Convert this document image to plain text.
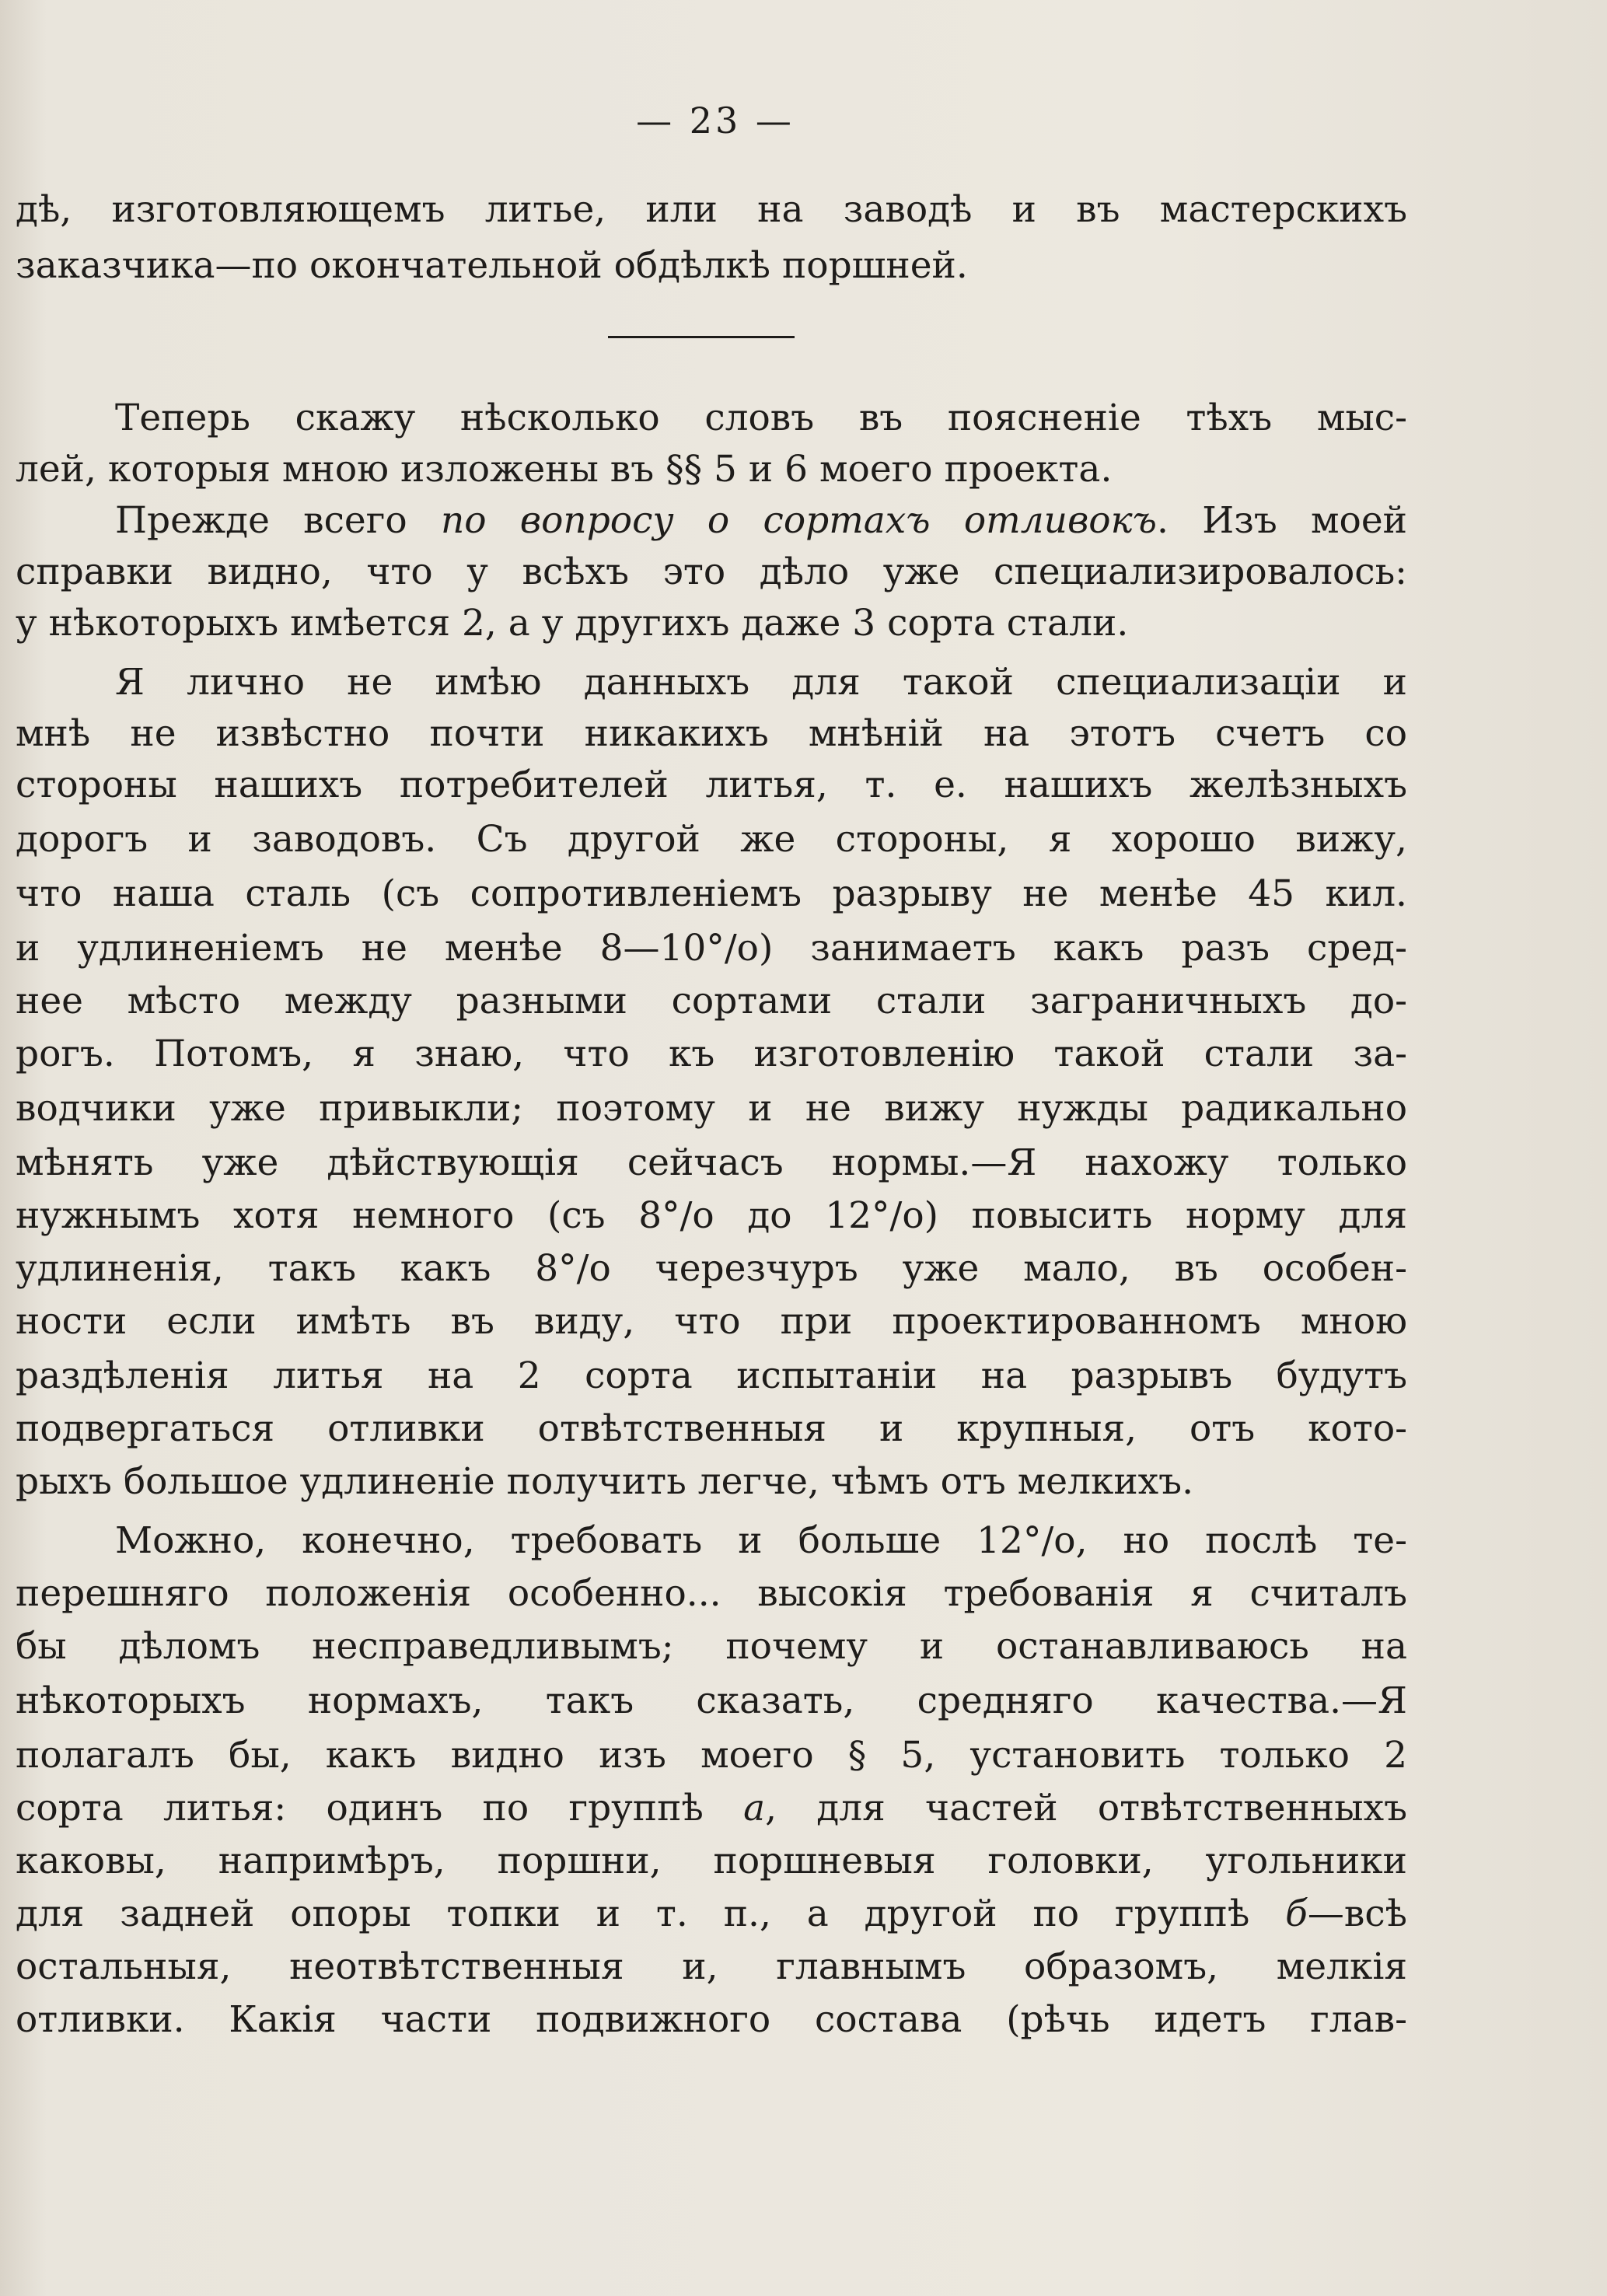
— 23 —
дѣ, изготовляющемъ литье, или на заводѣ и въ мастерскихъ
заказчика—по окончательной обдѣлкѣ поршней.
Теперь скажу нѣсколько словъ въ поясненіе тѣхъ мыс-
лей, которыя мною изложены въ §§ 5 и 6 моего проекта.
Прежде всего по вопросу о сортахъ отливокъ. Изъ моей
справки видно, что у всѣхъ это дѣло уже специализировалось:
у нѣкоторыхъ имѣется 2, а у другихъ даже 3 сорта стали.
Я лично не имѣю данныхъ для такой специализаціи и
мнѣ не извѣстно почти никакихъ мнѣній на этотъ счетъ со
стороны нашихъ потребителей литья, т. е. нашихъ желѣзныхъ
дорогъ и заводовъ. Съ другой же стороны, я хорошо вижу,
что наша сталь (съ сопротивленіемъ разрыву не менѣе 45 кил.
и удлиненіемъ не менѣе 8—10°/o) занимаетъ какъ разъ сред-
нее мѣсто между разными сортами стали заграничныхъ до-
рогъ. Потомъ, я знаю, что къ изготовленію такой стали за-
водчики уже привыкли; поэтому и не вижу нужды радикально
мѣнять уже дѣйствующія сейчасъ нормы.—Я нахожу только
нужнымъ хотя немного (съ 8°/o до 12°/o) повысить норму для
удлиненія, такъ какъ 8°/o черезчуръ уже мало, въ особен-
ности если имѣть въ виду, что при проектированномъ мною
раздѣленія литья на 2 сорта испытаніи на разрывъ будутъ
подвергаться отливки отвѣтственныя и крупныя, отъ кото-
рыхъ большое удлиненіе получить легче, чѣмъ отъ мелкихъ.
Можно, конечно, требовать и больше 12°/o, но послѣ те-
перешняго положенія особенно... высокія требованія я считалъ
бы дѣломъ несправедливымъ; почему и останавливаюсь на
нѣкоторыхъ нормахъ, такъ сказать, средняго качества.—Я
полагалъ бы, какъ видно изъ моего § 5, установить только 2
сорта литья: одинъ по группѣ а, для частей отвѣтственныхъ
каковы, напримѣръ, поршни, поршневыя головки, угольники
для задней опоры топки и т. п., а другой по группѣ б—всѣ
остальныя, неотвѣтственныя и, главнымъ образомъ, мелкія
отливки. Какія части подвижного состава (рѣчь идетъ глав-
